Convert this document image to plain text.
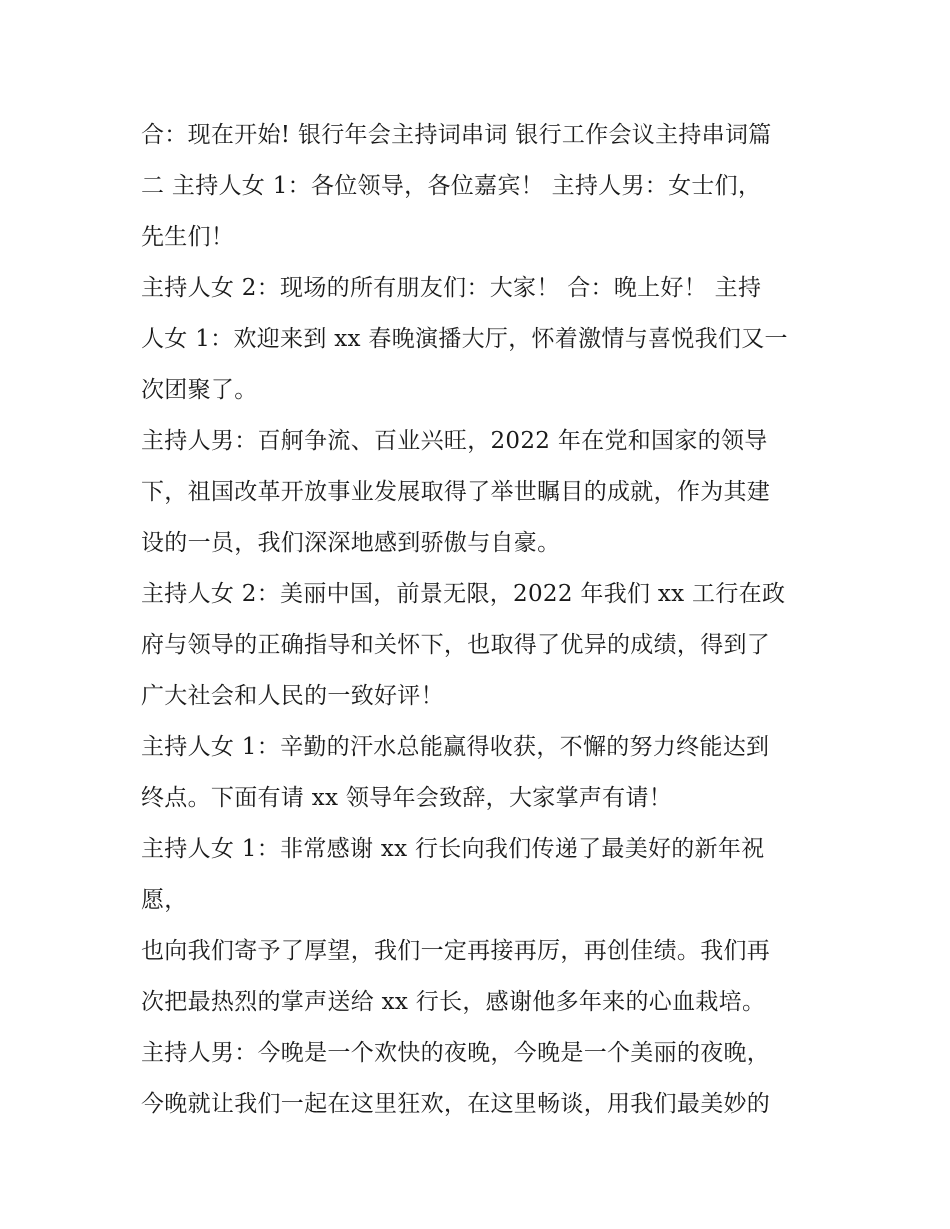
合：现在开始! 银行年会主持词串词 银行工作会议主持串词篇
二 主持人女 1：各位领导，各位嘉宾！ 主持人男：女士们，
先生们！
主持人女 2：现场的所有朋友们：大家！ 合：晚上好！ 主持
人女 1：欢迎来到 xx 春晚演播大厅，怀着激情与喜悦我们又一
次团聚了。
主持人男：百舸争流、百业兴旺，2022 年在党和国家的领导
下，祖国改革开放事业发展取得了举世瞩目的成就，作为其建
设的一员，我们深深地感到骄傲与自豪。
主持人女 2：美丽中国，前景无限，2022 年我们 xx 工行在政
府与领导的正确指导和关怀下，也取得了优异的成绩，得到了
广大社会和人民的一致好评！
主持人女 1：辛勤的汗水总能赢得收获，不懈的努力终能达到
终点。下面有请 xx 领导年会致辞，大家掌声有请！
主持人女 1：非常感谢 xx 行长向我们传递了最美好的新年祝
愿，
也向我们寄予了厚望，我们一定再接再厉，再创佳绩。我们再
次把最热烈的掌声送给 xx 行长，感谢他多年来的心血栽培。
主持人男：今晚是一个欢快的夜晚，今晚是一个美丽的夜晚，
今晚就让我们一起在这里狂欢，在这里畅谈，用我们最美妙的
